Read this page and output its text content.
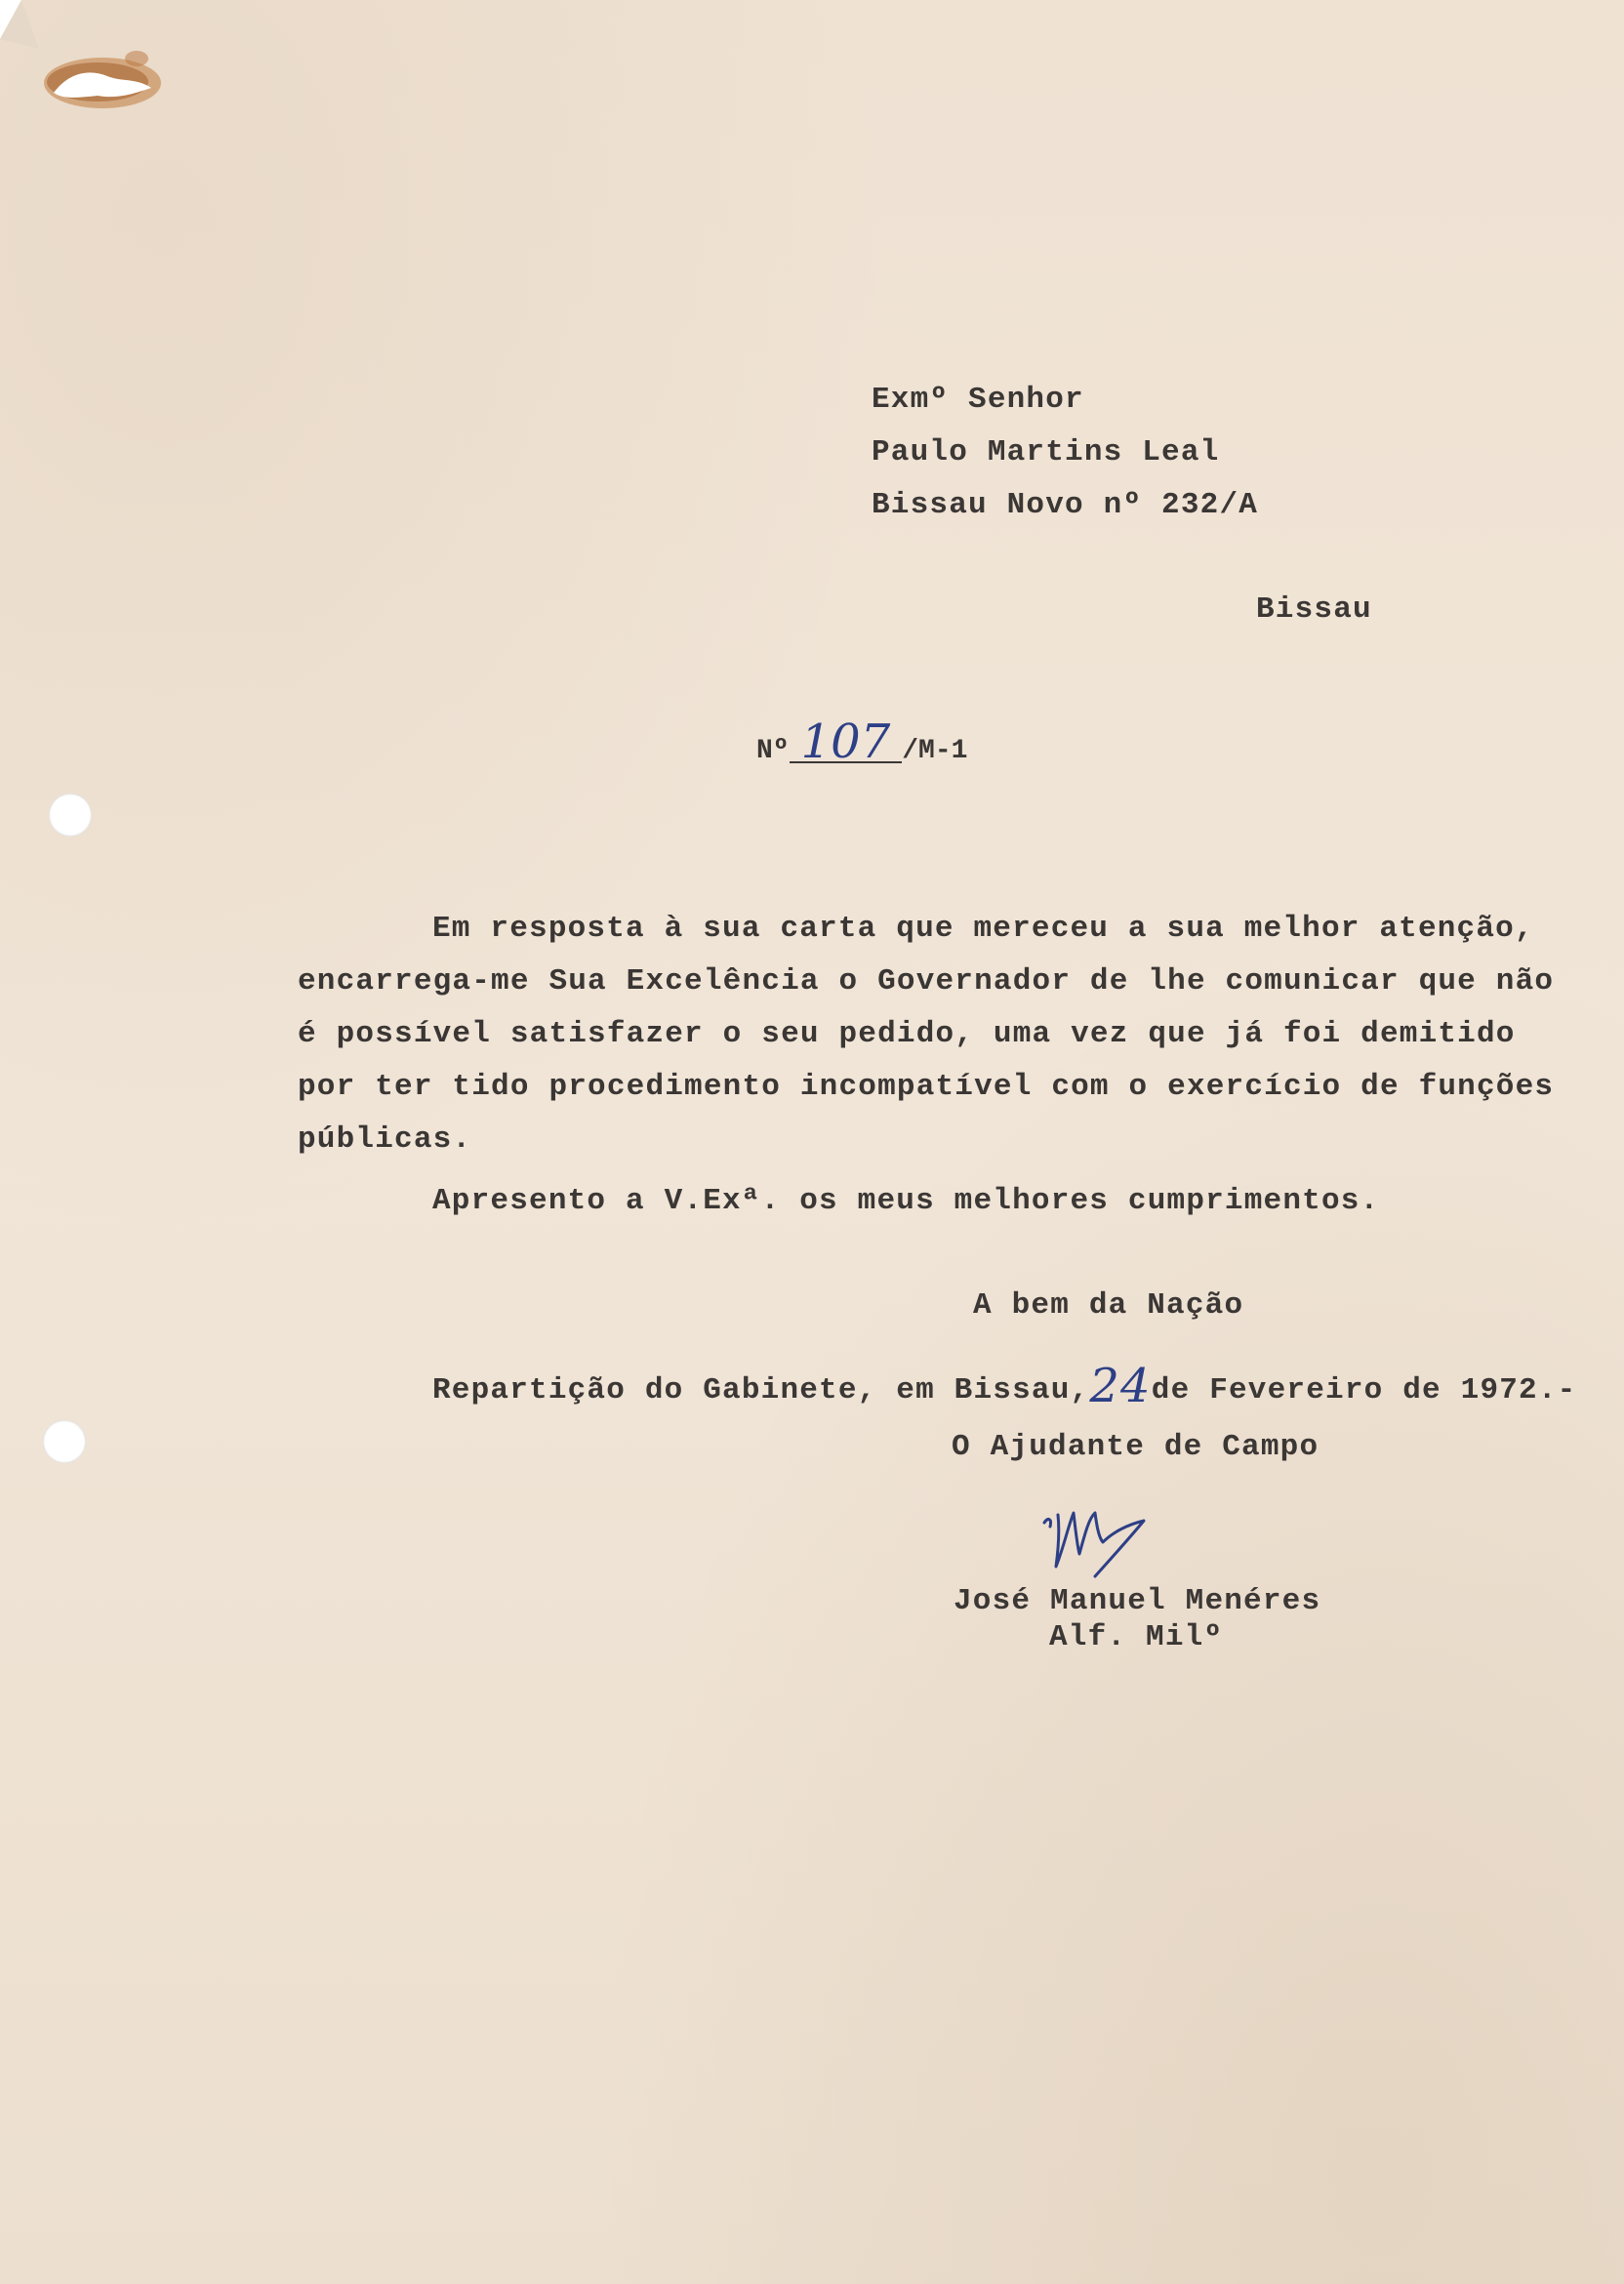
Exmº Senhor
Paulo Martins Leal
Bissau Novo nº 232/A
Bissau
Nº 107 /M-1
Em resposta à sua carta que mereceu a sua melhor atenção,
encarrega-me Sua Excelência o Governador de lhe comunicar que não
é possível satisfazer o seu pedido, uma vez que já foi demitido
por ter tido procedimento incompatível com o exercício de funções
públicas.
Apresento a V.Exª. os meus melhores cumprimentos.
A bem da Nação
Repartição do Gabinete, em Bissau,24de Fevereiro de 1972.-
O Ajudante de Campo
José Manuel Menéres
Alf. Milº
